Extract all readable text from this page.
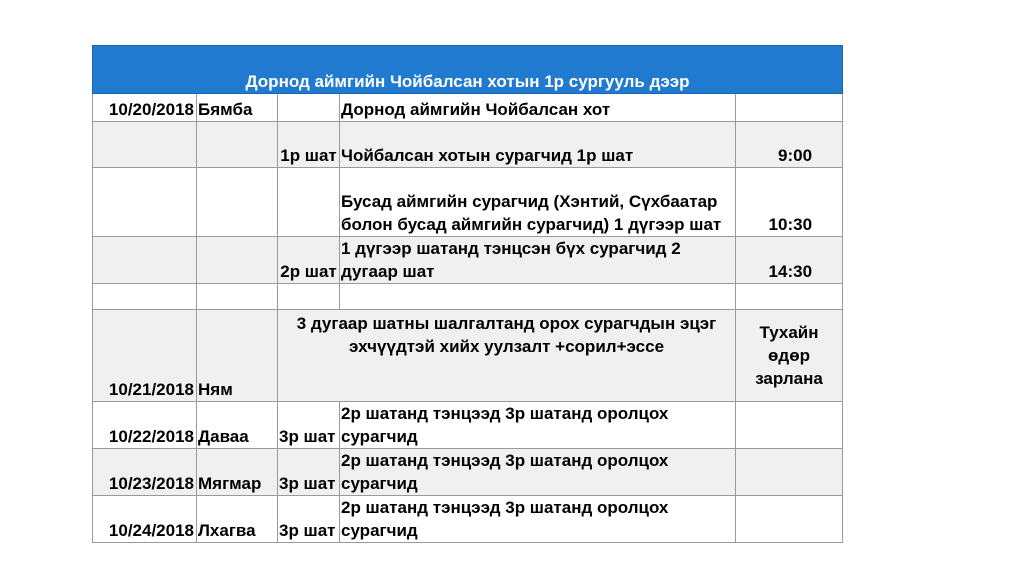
Дорнод аймгийн Чойбалсан хотын 1р сургууль дээр				
10/20/2018	Бямба		Дорнод аймгийн Чойбалсан хот	
		1р шат	Чойбалсан хотын сурагчид 1р шат	9:00
			Бусад аймгийн сурагчид (Хэнтий, Сүхбаатар болон бусад аймгийн сурагчид) 1 дүгээр шат	10:30
		2р шат	1 дүгээр шатанд тэнцсэн бүх сурагчид 2 дугаар шат	14:30

10/21/2018	Ням	3 дугаар шатны шалгалтанд орох сурагчдын эцэг эхчүүдтэй хийх уулзалт +сорил+эссе		Тухайн өдөр зарлана
10/22/2018	Даваа	3р шат	2р шатанд тэнцээд 3р шатанд оролцох сурагчид	
10/23/2018	Мягмар	3р шат	2р шатанд тэнцээд 3р шатанд оролцох сурагчид	
10/24/2018	Лхагва	3р шат	2р шатанд тэнцээд 3р шатанд оролцох сурагчид	
